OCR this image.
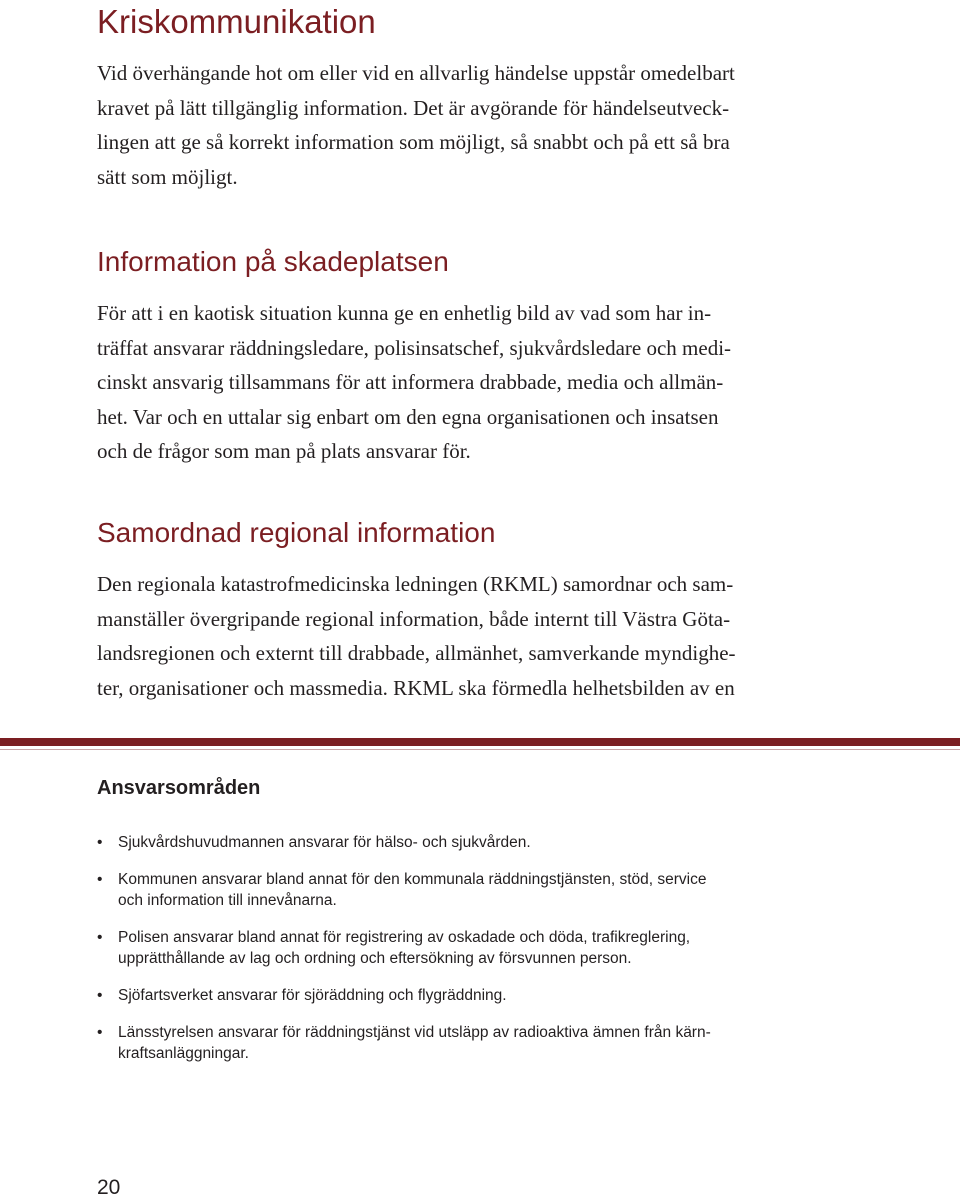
Kriskommunikation

Vid överhängande hot om eller vid en allvarlig händelse uppstår omedelbart
kravet på lätt tillgänglig information. Det är avgörande för händelseutveck-
lingen att ge så korrekt information som möjligt, så snabbt och på ett så bra
sätt som möjligt.

Information på skadeplatsen

För att i en kaotisk situation kunna ge en enhetlig bild av vad som har in-
träffat ansvarar räddningsledare, polisinsatschef, sjukvårdsledare och medi-
cinskt ansvarig tillsammans för att informera drabbade, media och allmän-
het. Var och en uttalar sig enbart om den egna organisationen och insatsen
och de frågor som man på plats ansvarar för.

Samordnad regional information

Den regionala katastrofmedicinska ledningen (RKML) samordnar och sam-
manställer övergripande regional information, både internt till Västra Göta-
landsregionen och externt till drabbade, allmänhet, samverkande myndighe-
ter, organisationer och massmedia. RKML ska förmedla helhetsbilden av en

Ansvarsområden
• Sjukvårdshuvudmannen ansvarar för hälso- och sjukvården.
• Kommunen ansvarar bland annat för den kommunala räddningstjänsten, stöd, service
och information till innevånarna.
• Polisen ansvarar bland annat för registrering av oskadade och döda, trafikreglering,
upprätthållande av lag och ordning och eftersökning av försvunnen person.
• Sjöfartsverket ansvarar för sjöräddning och flygräddning.
• Länsstyrelsen ansvarar för räddningstjänst vid utsläpp av radioaktiva ämnen från kärn-
kraftsanläggningar.

20
